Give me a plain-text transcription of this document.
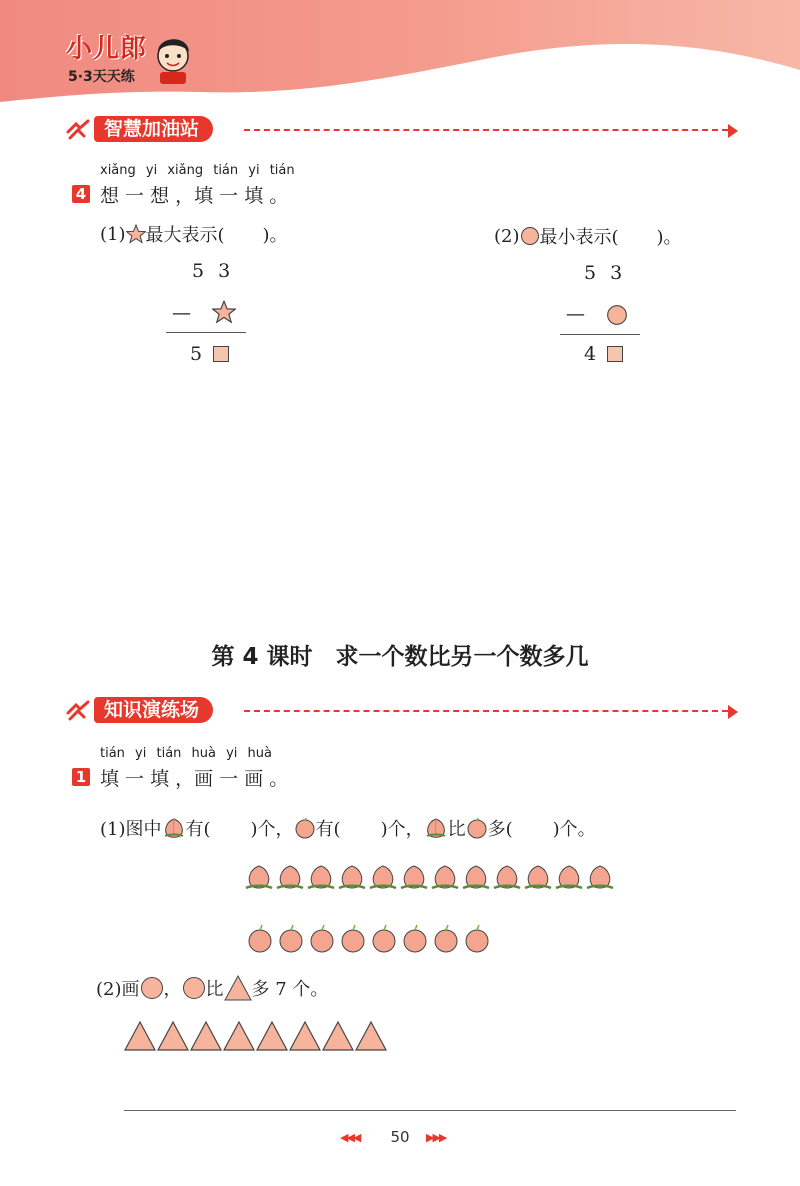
小儿郎
5·3天天练
智慧加油站
xiǎng yi xiǎng tián yi tián
4 想 一 想 ，填 一 填 。
(1) 最大表示( )。
5 3
—
5
(2) 最小表示( )。
5 3
—
4
第 4 课时　求一个数比另一个数多几
知识演练场
tián yi tián huà yi huà
1 填 一 填 ，画 一 画 。
(1)图中 有( )个， 有( )个， 比 多( )个。
(2)画 ， 比 多 7 个。
◀◀◀	50	▶▶▶
